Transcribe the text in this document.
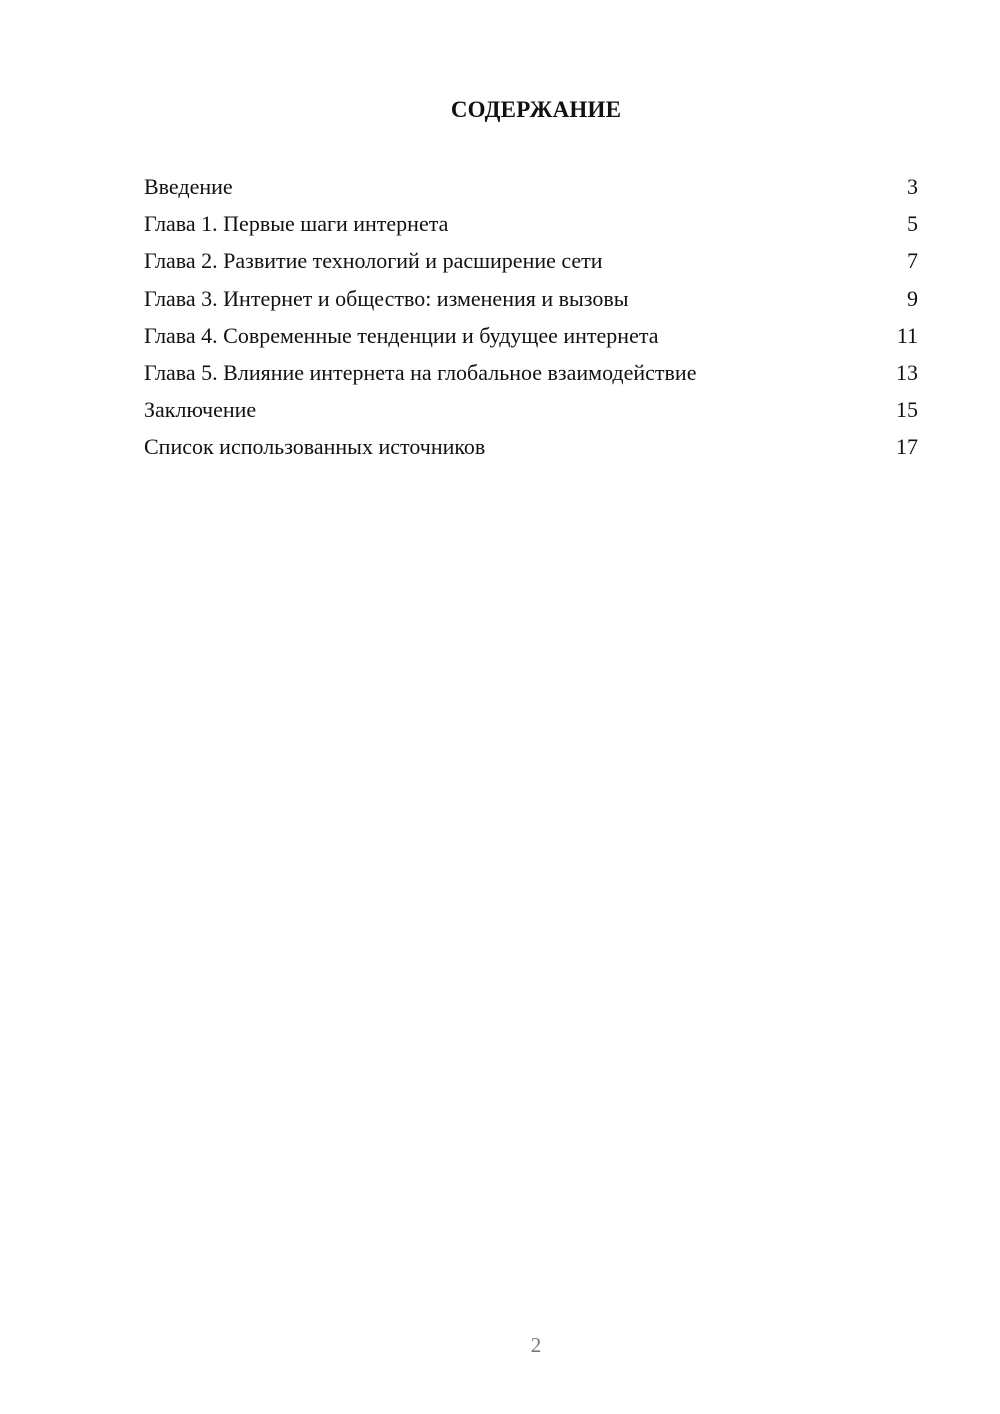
СОДЕРЖАНИЕ
Введение	3
Глава 1. Первые шаги интернета	5
Глава 2. Развитие технологий и расширение сети	7
Глава 3. Интернет и общество: изменения и вызовы	9
Глава 4. Современные тенденции и будущее интернета	11
Глава 5. Влияние интернета на глобальное взаимодействие	13
Заключение	15
Список использованных источников	17
2
